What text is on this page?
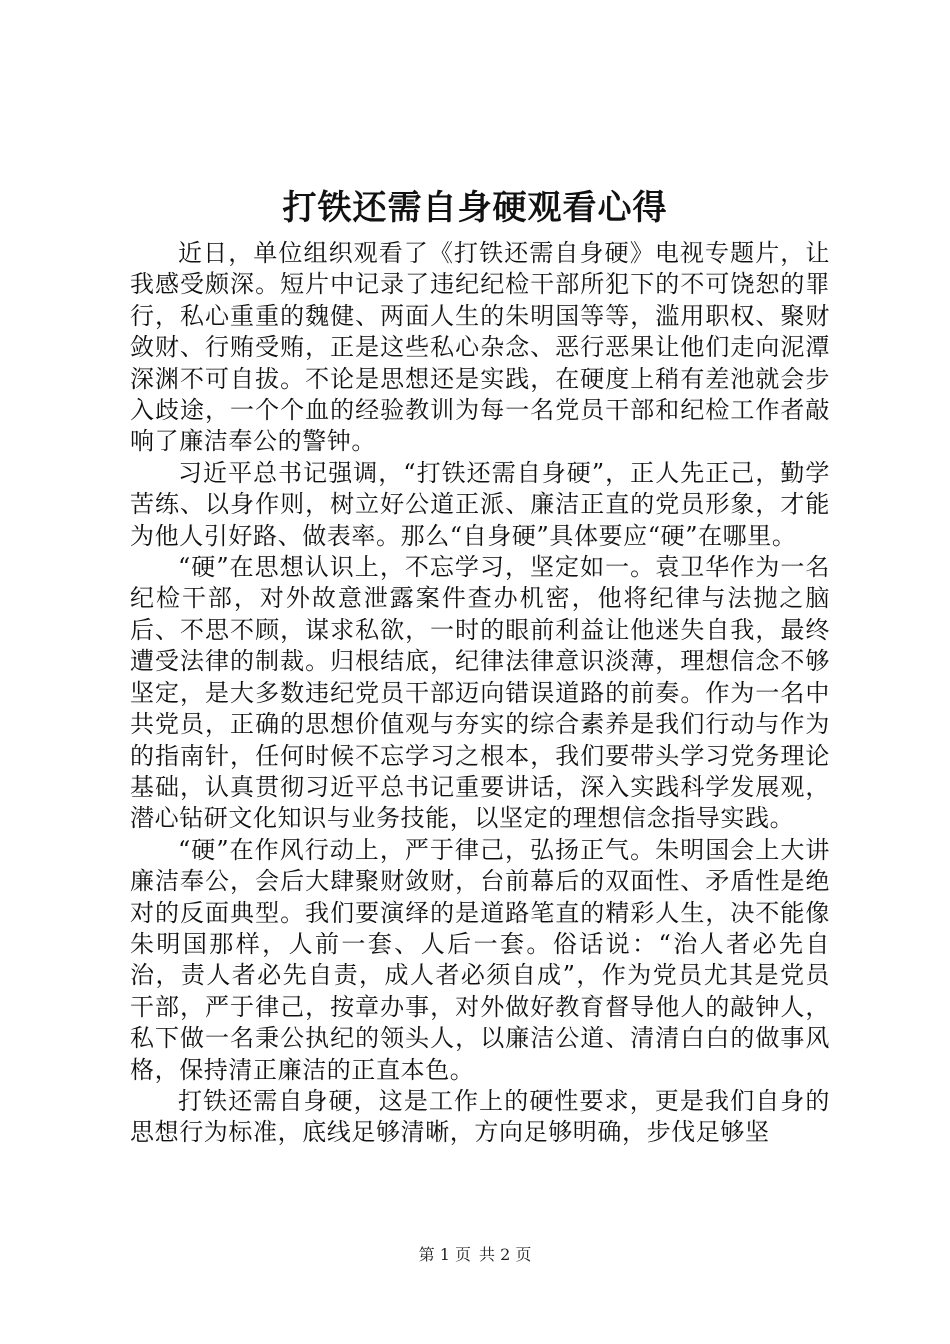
打铁还需自身硬观看心得

近日，单位组织观看了《打铁还需自身硬》电视专题片，让我感受颇深。短片中记录了违纪纪检干部所犯下的不可饶恕的罪行，私心重重的魏健、两面人生的朱明国等等，滥用职权、聚财敛财、行贿受贿，正是这些私心杂念、恶行恶果让他们走向泥潭深渊不可自拔。不论是思想还是实践，在硬度上稍有差池就会步入歧途，一个个血的经验教训为每一名党员干部和纪检工作者敲响了廉洁奉公的警钟。

习近平总书记强调，“打铁还需自身硬”，正人先正己，勤学苦练、以身作则，树立好公道正派、廉洁正直的党员形象，才能为他人引好路、做表率。那么“自身硬”具体要应“硬”在哪里。

“硬”在思想认识上，不忘学习，坚定如一。袁卫华作为一名纪检干部，对外故意泄露案件查办机密，他将纪律与法抛之脑后、不思不顾，谋求私欲，一时的眼前利益让他迷失自我，最终遭受法律的制裁。归根结底，纪律法律意识淡薄，理想信念不够坚定，是大多数违纪党员干部迈向错误道路的前奏。作为一名中共党员，正确的思想价值观与夯实的综合素养是我们行动与作为的指南针，任何时候不忘学习之根本，我们要带头学习党务理论基础，认真贯彻习近平总书记重要讲话，深入实践科学发展观，潜心钻研文化知识与业务技能，以坚定的理想信念指导实践。

“硬”在作风行动上，严于律己，弘扬正气。朱明国会上大讲廉洁奉公，会后大肆聚财敛财，台前幕后的双面性、矛盾性是绝对的反面典型。我们要演绎的是道路笔直的精彩人生，决不能像朱明国那样，人前一套、人后一套。俗话说：“治人者必先自治，责人者必先自责，成人者必须自成”，作为党员尤其是党员干部，严于律己，按章办事，对外做好教育督导他人的敲钟人，私下做一名秉公执纪的领头人，以廉洁公道、清清白白的做事风格，保持清正廉洁的正直本色。

打铁还需自身硬，这是工作上的硬性要求，更是我们自身的思想行为标准，底线足够清晰，方向足够明确，步伐足够坚

第 1 页 共 2 页
